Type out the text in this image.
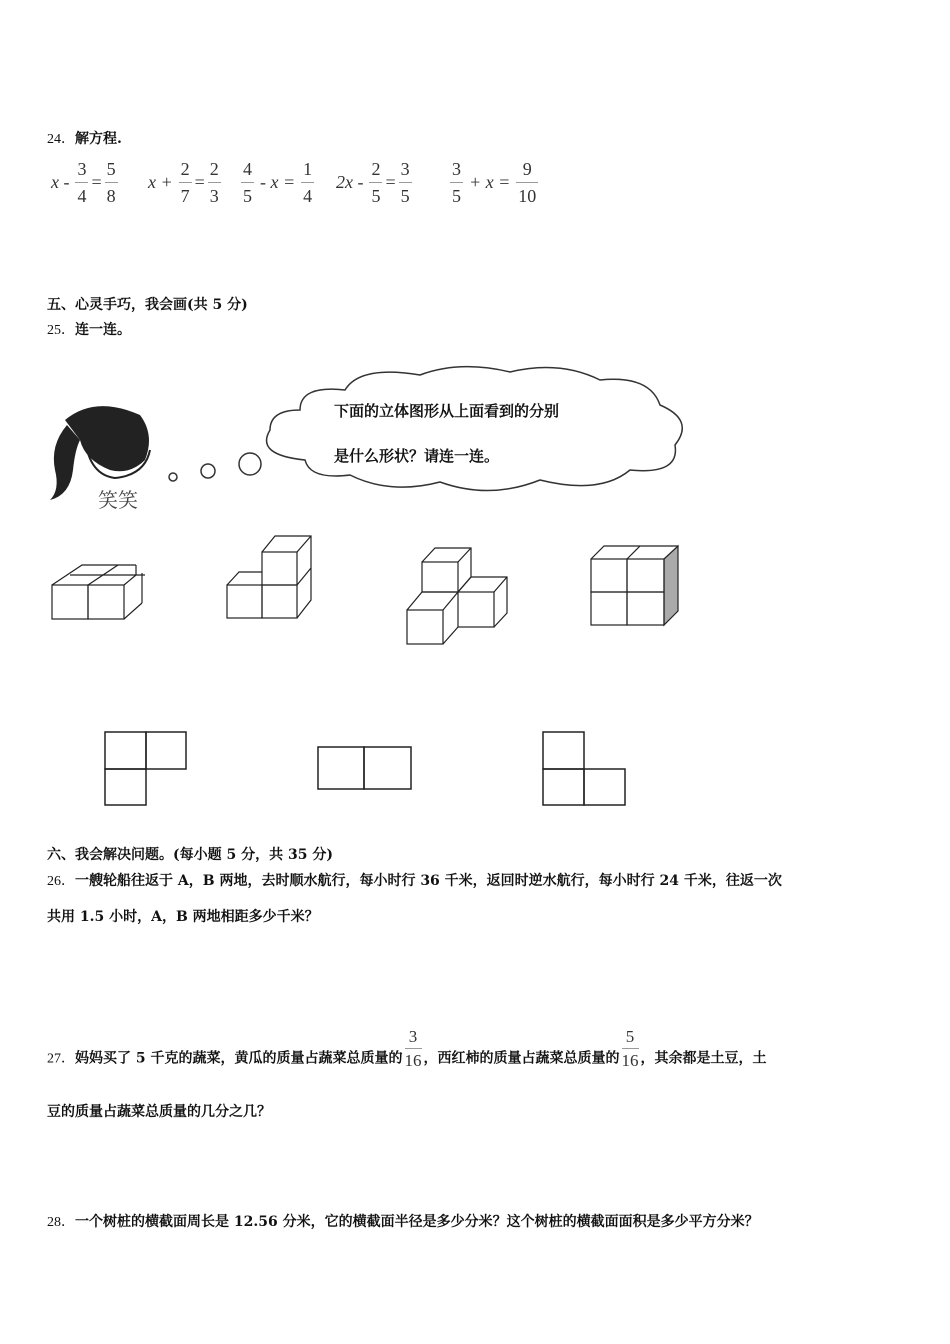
24．解方程.
$x - \frac{3}{4} = \frac{5}{8}$ $x + \frac{2}{7} = \frac{2}{3} \frac{4}{5} - x = \frac{1}{4} 2x - \frac{2}{5} = \frac{3}{5} \frac{3}{5} + x = \frac{9}{10}$
五、心灵手巧，我会画(共 5 分)
25．连一连。
笑笑
下面的立体图形从上面看到的分别
是什么形状？请连一连。
六、我会解决问题。(每小题 5 分，共 35 分)
26．一艘轮船往返于 A，B 两地，去时顺水航行，每小时行 36 千米，返回时逆水航行，每小时行 24 千米，往返一次
共用 1.5 小时，A，B 两地相距多少千米？
27．妈妈买了 5 千克的蔬菜，黄瓜的质量占蔬菜总质量的 $\frac{3}{16}$ ，西红柿的质量占蔬菜总质量的 $\frac{5}{16}$ ，其余都是土豆，土
豆的质量占蔬菜总质量的几分之几？
28．一个树桩的横截面周长是 12.56 分米，它的横截面半径是多少分米？这个树桩的横截面面积是多少平方分米？
